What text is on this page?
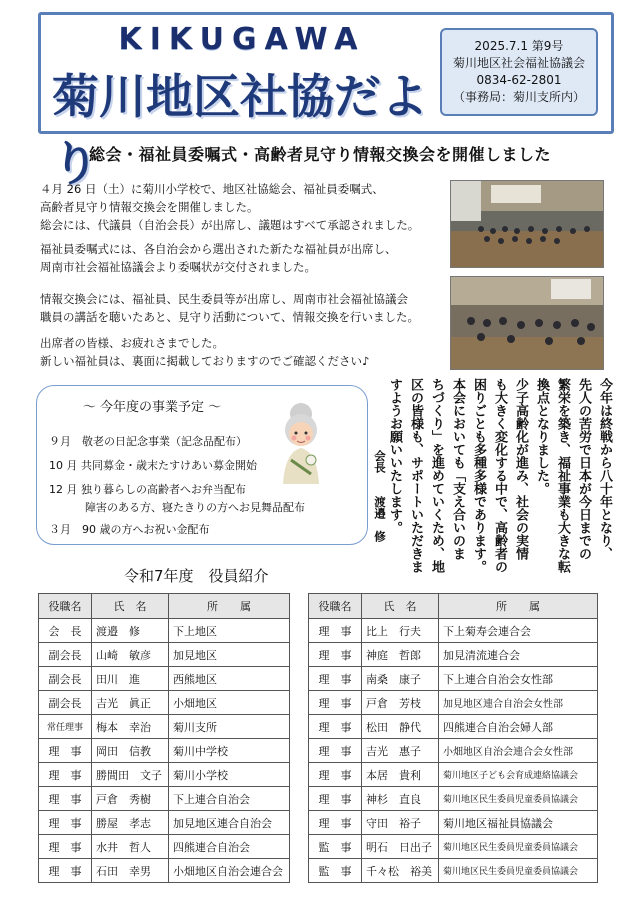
KIKUGAWA
菊川地区社協だより
2025.7.1 第9号
菊川地区社会福祉協議会
0834-62-2801
（事務局：菊川支所内）
総会・福祉員委嘱式・高齢者見守り情報交換会を開催しました
４月 26 日（土）に菊川小学校で、地区社協総会、福祉員委嘱式、
高齢者見守り情報交換会を開催しました。
総会には、代議員（自治会長）が出席し、議題はすべて承認されました。
福祉員委嘱式には、各自治会から選出された新たな福祉員が出席し、
周南市社会福祉協議会より委嘱状が交付されました。
情報交換会には、福祉員、民生委員等が出席し、周南市社会福祉協議会
職員の講話を聴いたあと、見守り活動について、情報交換を行いました。
出席者の皆様、お疲れさまでした。
新しい福祉員は、裏面に掲載しておりますのでご確認ください♪
～ 今年度の事業予定 ～
９月　敬老の日記念事業（記念品配布）
10 月 共同募金・歳末たすけあい募金開始
12 月 独り暮らしの高齢者へお弁当配布
障害のある方、寝たきりの方へお見舞品配布
３月　90 歳の方へお祝い金配布	今年は終戦から八十年となり、
先人の苦労で日本が今日までの
繁栄を築き、福祉事業も大きな転
換点となりました。
少子高齢化が進み、社会の実情
も大きく変化する中で、高齢者の
困りごとも多種多様であります。
本会においても「支え合いのま
ちづくり」を進めていくため、地
区の皆様も、サポートいただきま
すようお願いいたします。
会長　　渡邉　修
令和7年度　役員紹介
役職名	氏　名	所　　属
会　長	渡邉　修	下上地区
副会長	山崎　敏彦	加見地区
副会長	田川　進	西熊地区
副会長	吉光　眞正	小畑地区
常任理事	梅本　幸治	菊川支所
理　事	岡田　信教	菊川中学校
理　事	勝間田　文子	菊川小学校
理　事	戸倉　秀樹	下上連合自治会
理　事	勝屋　孝志	加見地区連合自治会
理　事	水井　哲人	四熊連合自治会
理　事	石田　幸男	小畑地区自治会連合会
役職名	氏　名	所　　属
理　事	比上　行夫	下上菊寿会連合会
理　事	神庭　哲郎	加見清流連合会
理　事	南桑　康子	下上連合自治会女性部
理　事	戸倉　芳枝	加見地区連合自治会女性部
理　事	松田　静代	四熊連合自治会婦人部
理　事	吉光　惠子	小畑地区自治会連合会女性部
理　事	本居　貴利	菊川地区子ども会育成連絡協議会
理　事	神杉　直良	菊川地区民生委員児童委員協議会
理　事	守田　裕子	菊川地区福祉員協議会
監　事	明石　日出子	菊川地区民生委員児童委員協議会
監　事	千々松　裕美	菊川地区民生委員児童委員協議会
